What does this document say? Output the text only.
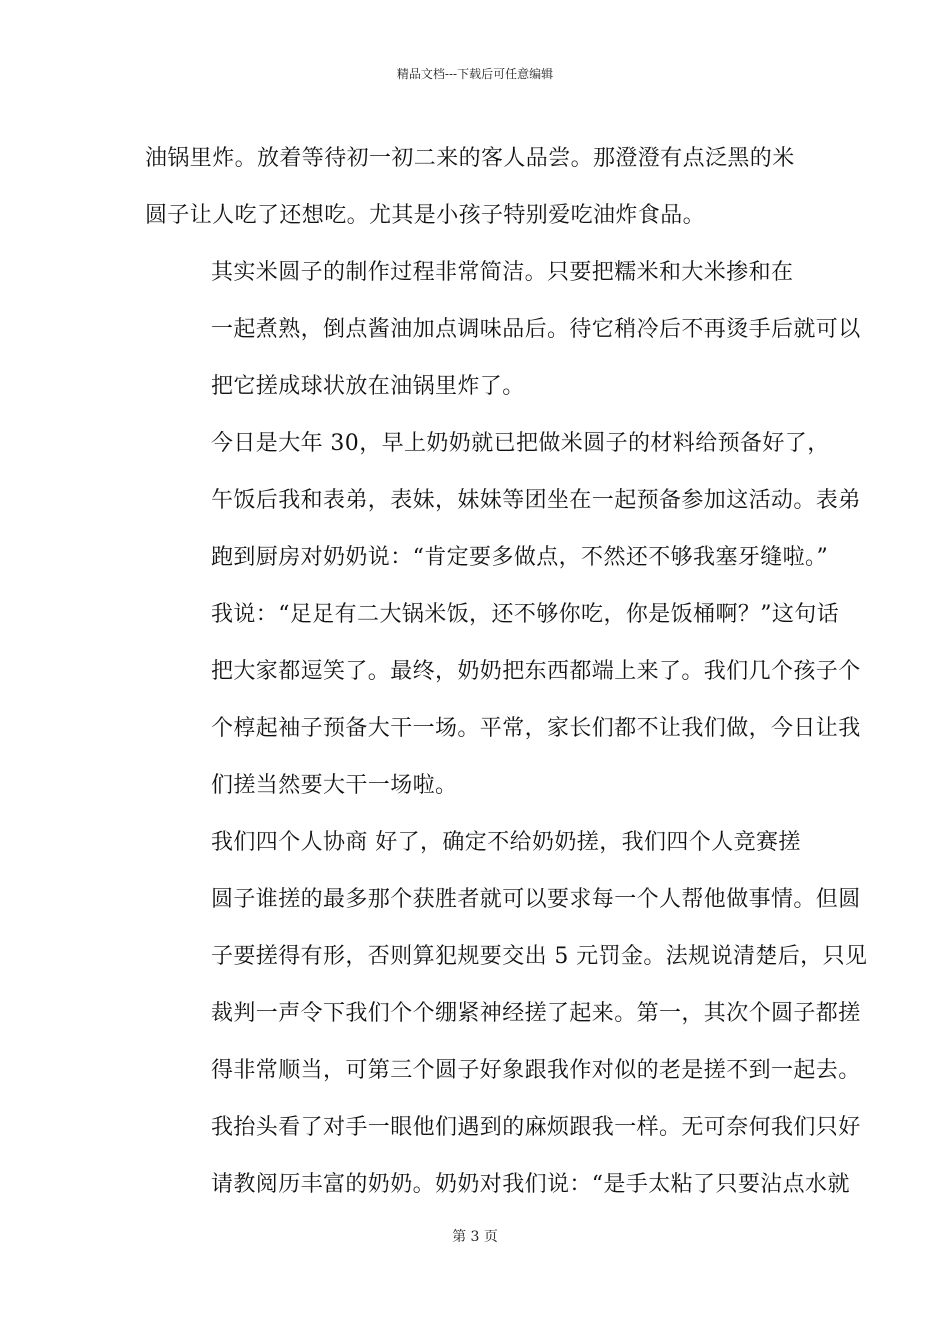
精品文档---下载后可任意编辑

油锅里炸。放着等待初一初二来的客人品尝。那澄澄有点泛黑的米
圆子让人吃了还想吃。尤其是小孩子特别爱吃油炸食品。

其实米圆子的制作过程非常简洁。只要把糯米和大米掺和在
一起煮熟，倒点酱油加点调味品后。待它稍冷后不再烫手后就可以
把它搓成球状放在油锅里炸了。

今日是大年 30，早上奶奶就已把做米圆子的材料给预备好了，
午饭后我和表弟，表妹，妹妹等团坐在一起预备参加这活动。表弟
跑到厨房对奶奶说：“肯定要多做点，不然还不够我塞牙缝啦。”
我说：“足足有二大锅米饭，还不够你吃，你是饭桶啊？”这句话
把大家都逗笑了。最终，奶奶把东西都端上来了。我们几个孩子个
个椁起袖子预备大干一场。平常，家长们都不让我们做，今日让我
们搓当然要大干一场啦。

我们四个人协商 好了，确定不给奶奶搓，我们四个人竞赛搓
圆子谁搓的最多那个获胜者就可以要求每一个人帮他做事情。但圆
子要搓得有形，否则算犯规要交出 5 元罚金。法规说清楚后，只见
裁判一声令下我们个个绷紧神经搓了起来。第一，其次个圆子都搓
得非常顺当，可第三个圆子好象跟我作对似的老是搓不到一起去。
我抬头看了对手一眼他们遇到的麻烦跟我一样。无可奈何我们只好
请教阅历丰富的奶奶。奶奶对我们说：“是手太粘了只要沾点水就

第 3 页
